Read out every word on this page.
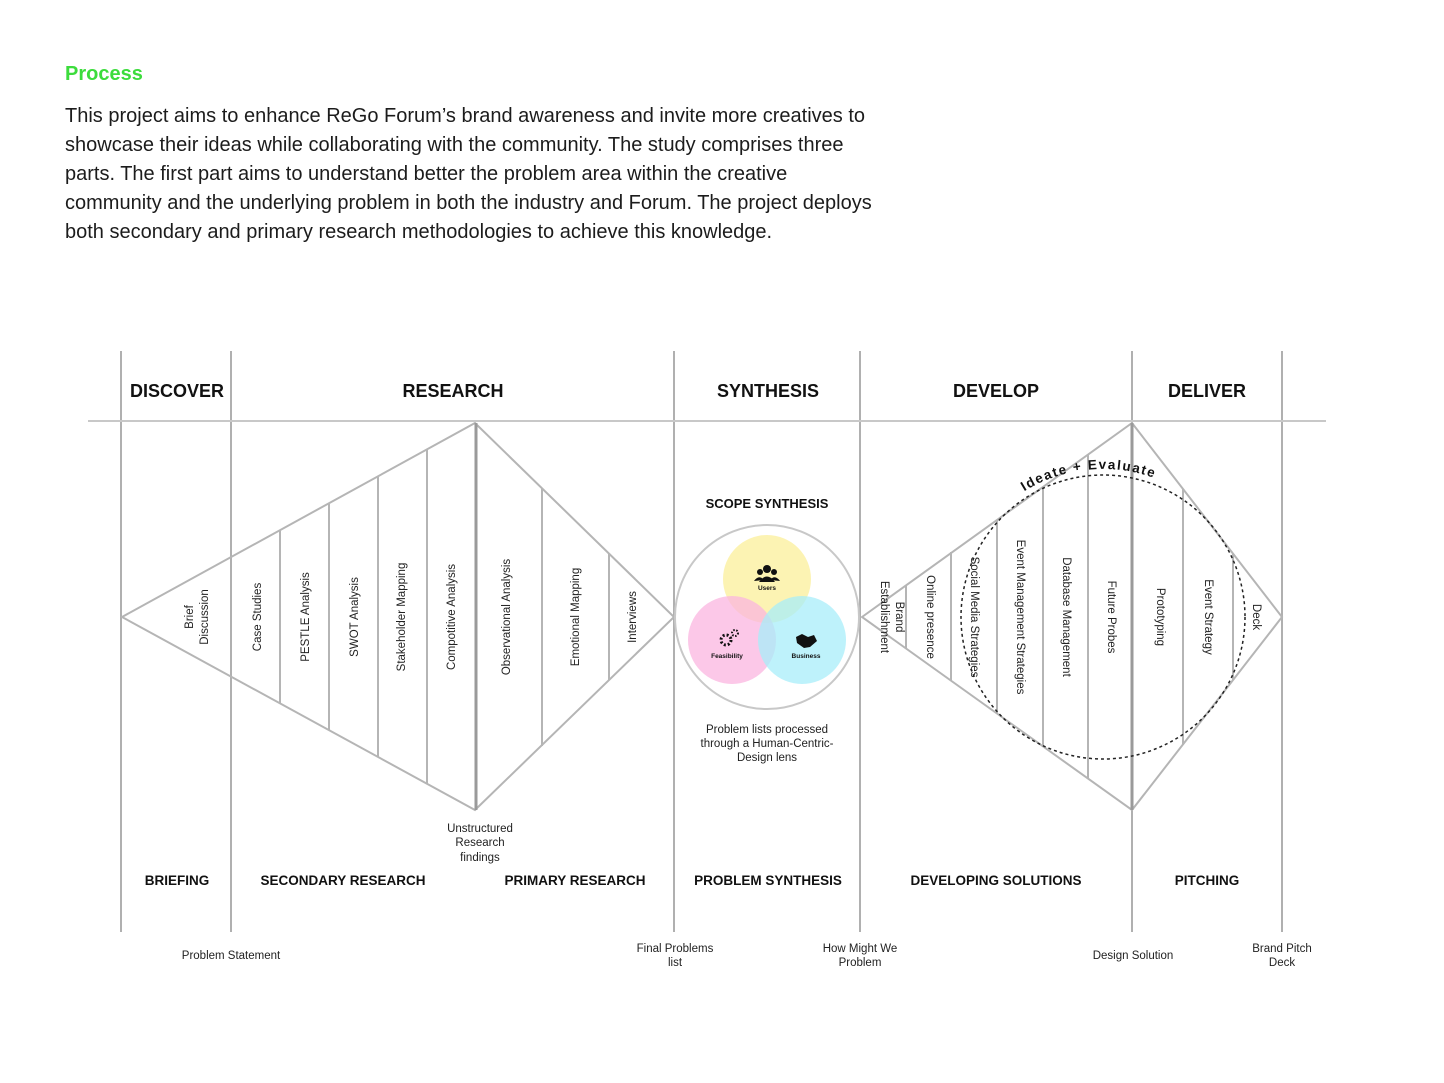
Process

This project aims to enhance ReGo Forum’s brand awareness and invite more creatives to showcase their ideas while collaborating with the community. The study comprises three parts. The first part aims to understand better the problem area within the creative community and the underlying problem in both the industry and Forum. The project deploys both secondary and primary research methodologies to achieve this knowledge.

DISCOVER	RESEARCH	SYNTHESIS	DEVELOP	DELIVER
Brief Discussion	Case Studies	PESTLE Analysis	SWOT Analysis	Stakeholder Mapping	Compotitive Analysis	Observational Analysis	Emotional Mapping	Interviews
Unstructured
Research
findings
SCOPE SYNTHESIS
Users
Feasibility	Business
Problem lists processed
through a Human-Centric-
Design lens
Ideate + Evaluate
Brand
Establishment	Online presence	Social Media Strategies	Event Management Strategies	Database Management	Future Probes	Prototyping	Event Strategy	Deck
BRIEFING	SECONDARY RESEARCH	PRIMARY RESEARCH	PROBLEM SYNTHESIS	DEVELOPING SOLUTIONS	PITCHING
Problem Statement
Final Problems
list
How Might We
Problem
Design Solution
Brand Pitch
Deck
